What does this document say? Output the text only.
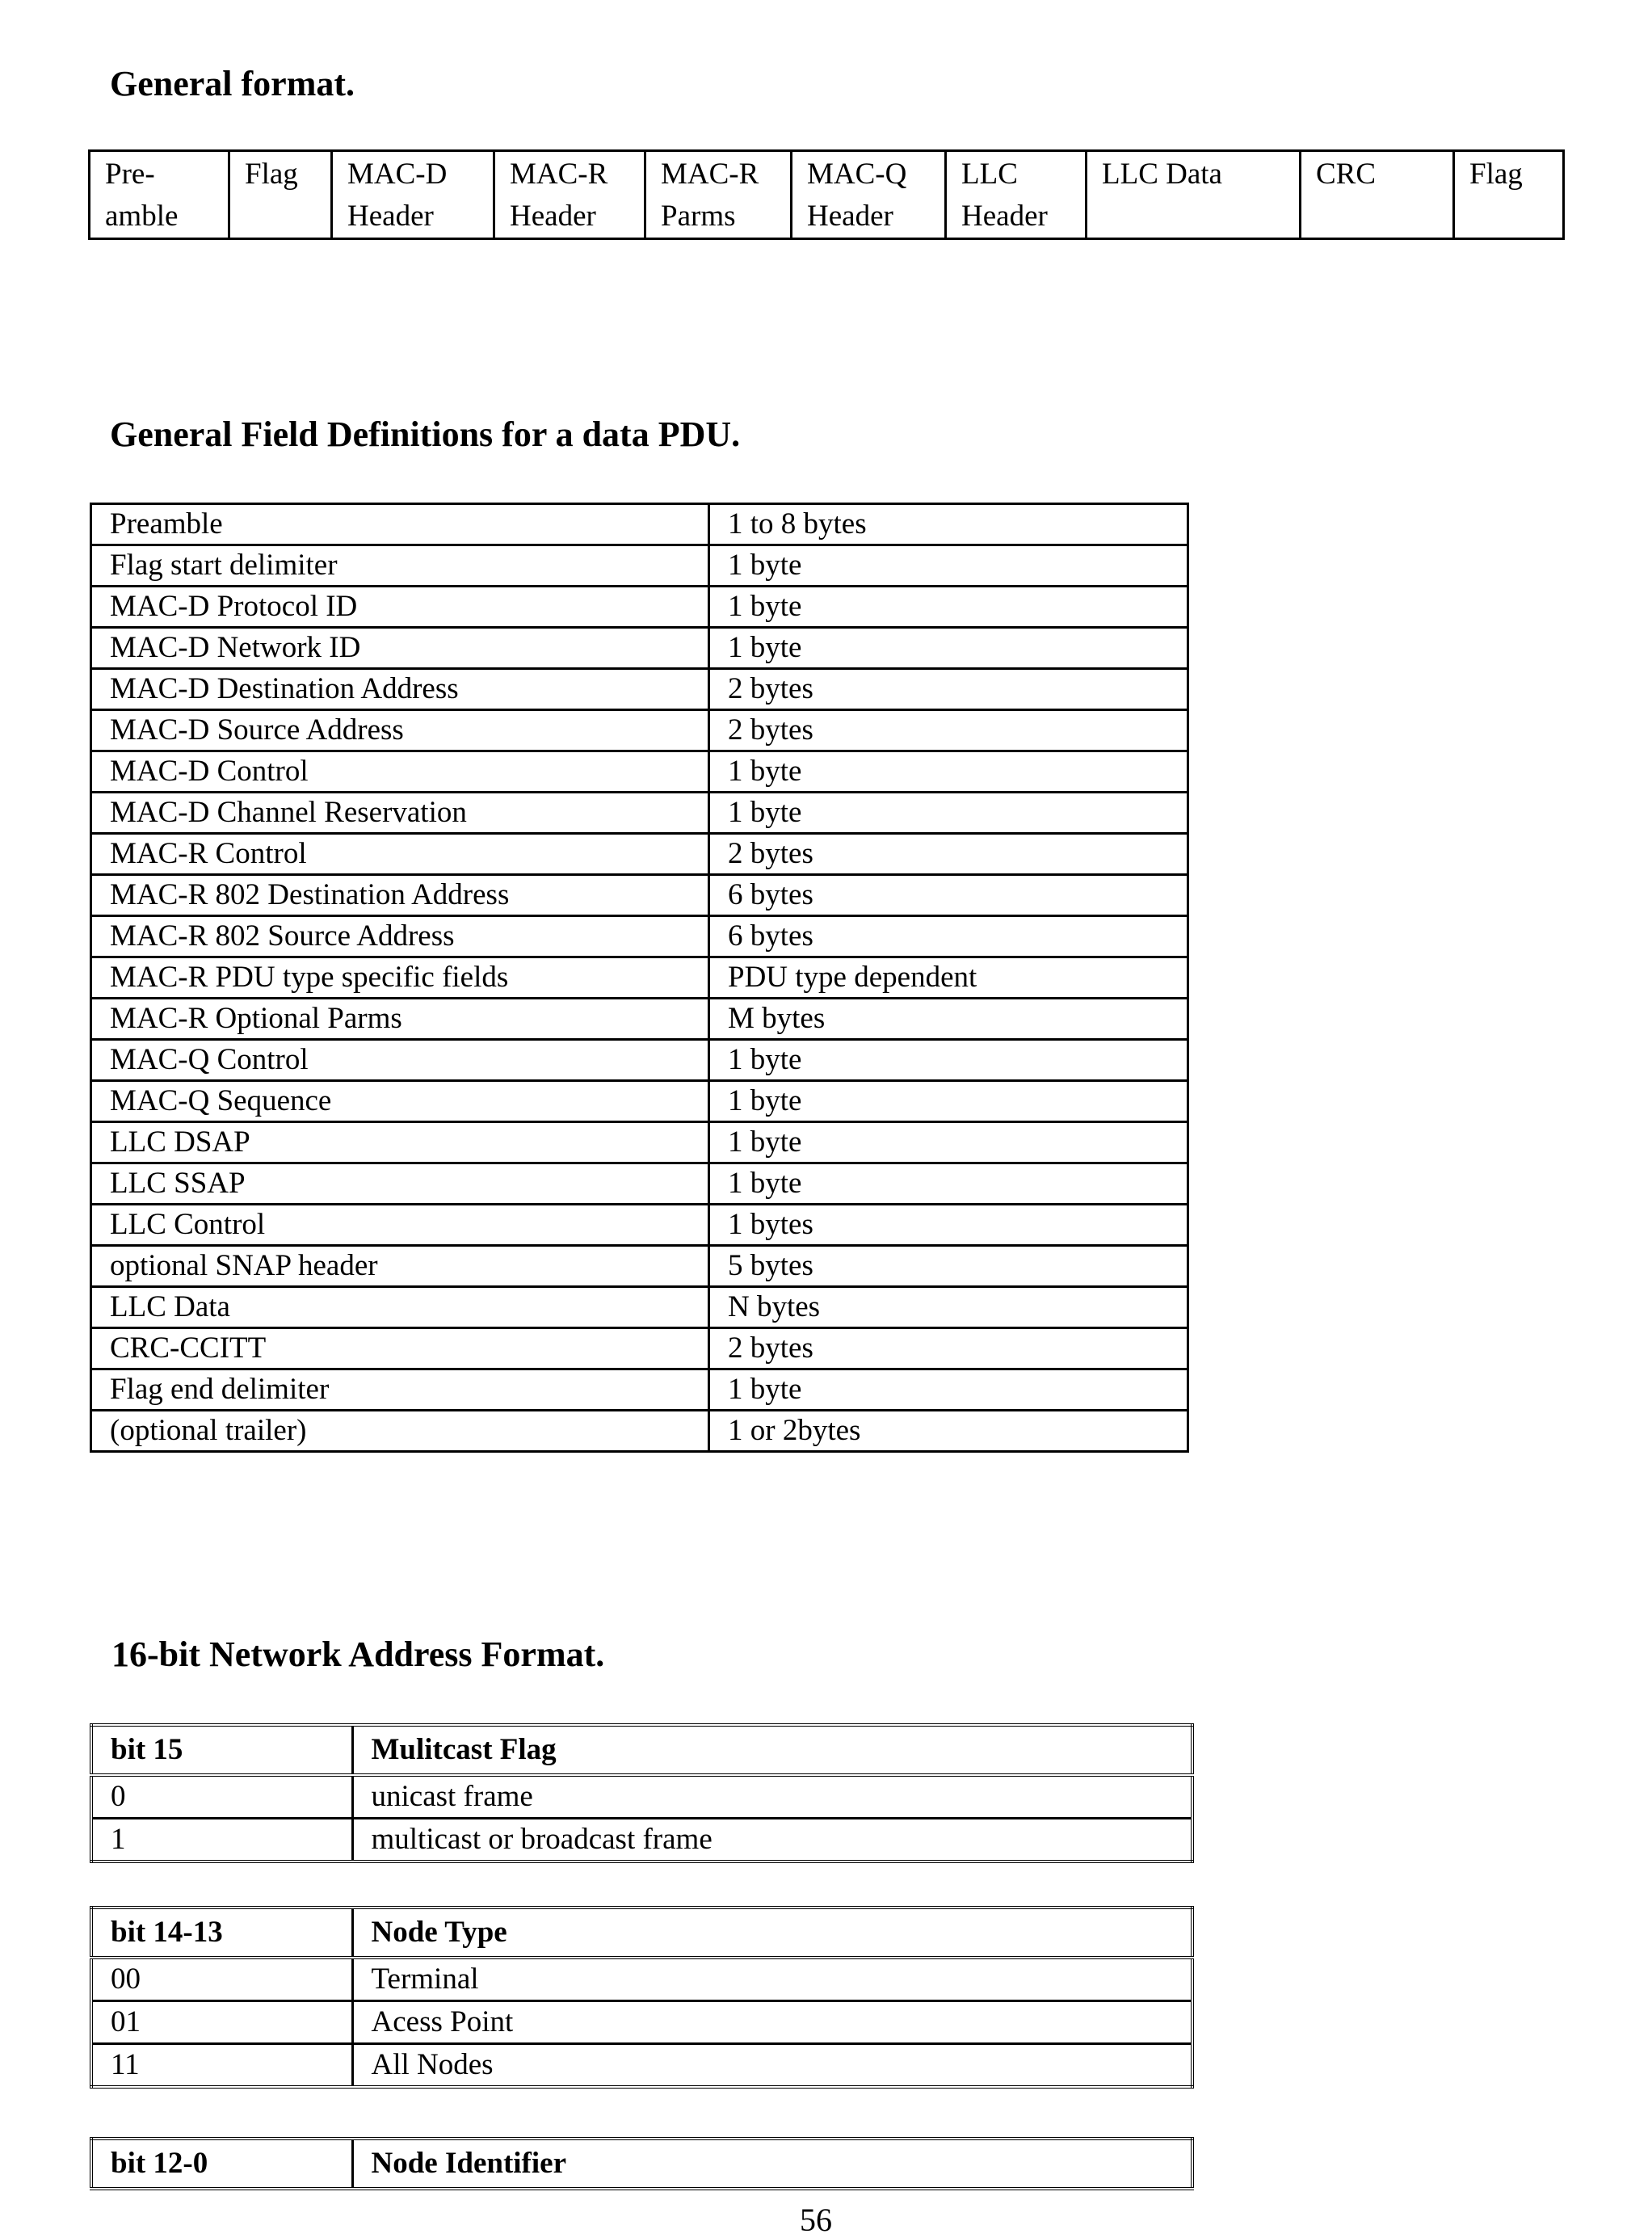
General format.
Pre-
amble	Flag	MAC-D
Header	MAC-R
Header	MAC-R
Parms	MAC-Q
Header	LLC
Header	LLC Data	CRC	Flag
General Field Definitions for a data PDU.
Preamble	1 to 8 bytes
Flag start delimiter	1 byte
MAC-D Protocol ID	1 byte
MAC-D Network ID	1 byte
MAC-D Destination Address	2 bytes
MAC-D Source Address	2 bytes
MAC-D Control	1 byte
MAC-D Channel Reservation	1 byte
MAC-R Control	2 bytes
MAC-R 802 Destination Address	6 bytes
MAC-R 802 Source Address	6 bytes
MAC-R PDU type specific fields	PDU type dependent
MAC-R Optional Parms	M bytes
MAC-Q Control	1 byte
MAC-Q Sequence	1 byte
LLC DSAP	1 byte
LLC SSAP	1 byte
LLC Control	1 bytes
optional SNAP header	5 bytes
LLC Data	N bytes
CRC-CCITT	2 bytes
Flag end delimiter	1 byte
(optional trailer)	1 or 2bytes
16-bit Network Address Format.
bit 15	Mulitcast Flag
0	unicast frame
1	multicast or broadcast frame
bit 14-13	Node Type
00	Terminal
01	Acess Point
11	All Nodes
bit 12-0	Node Identifier
56
